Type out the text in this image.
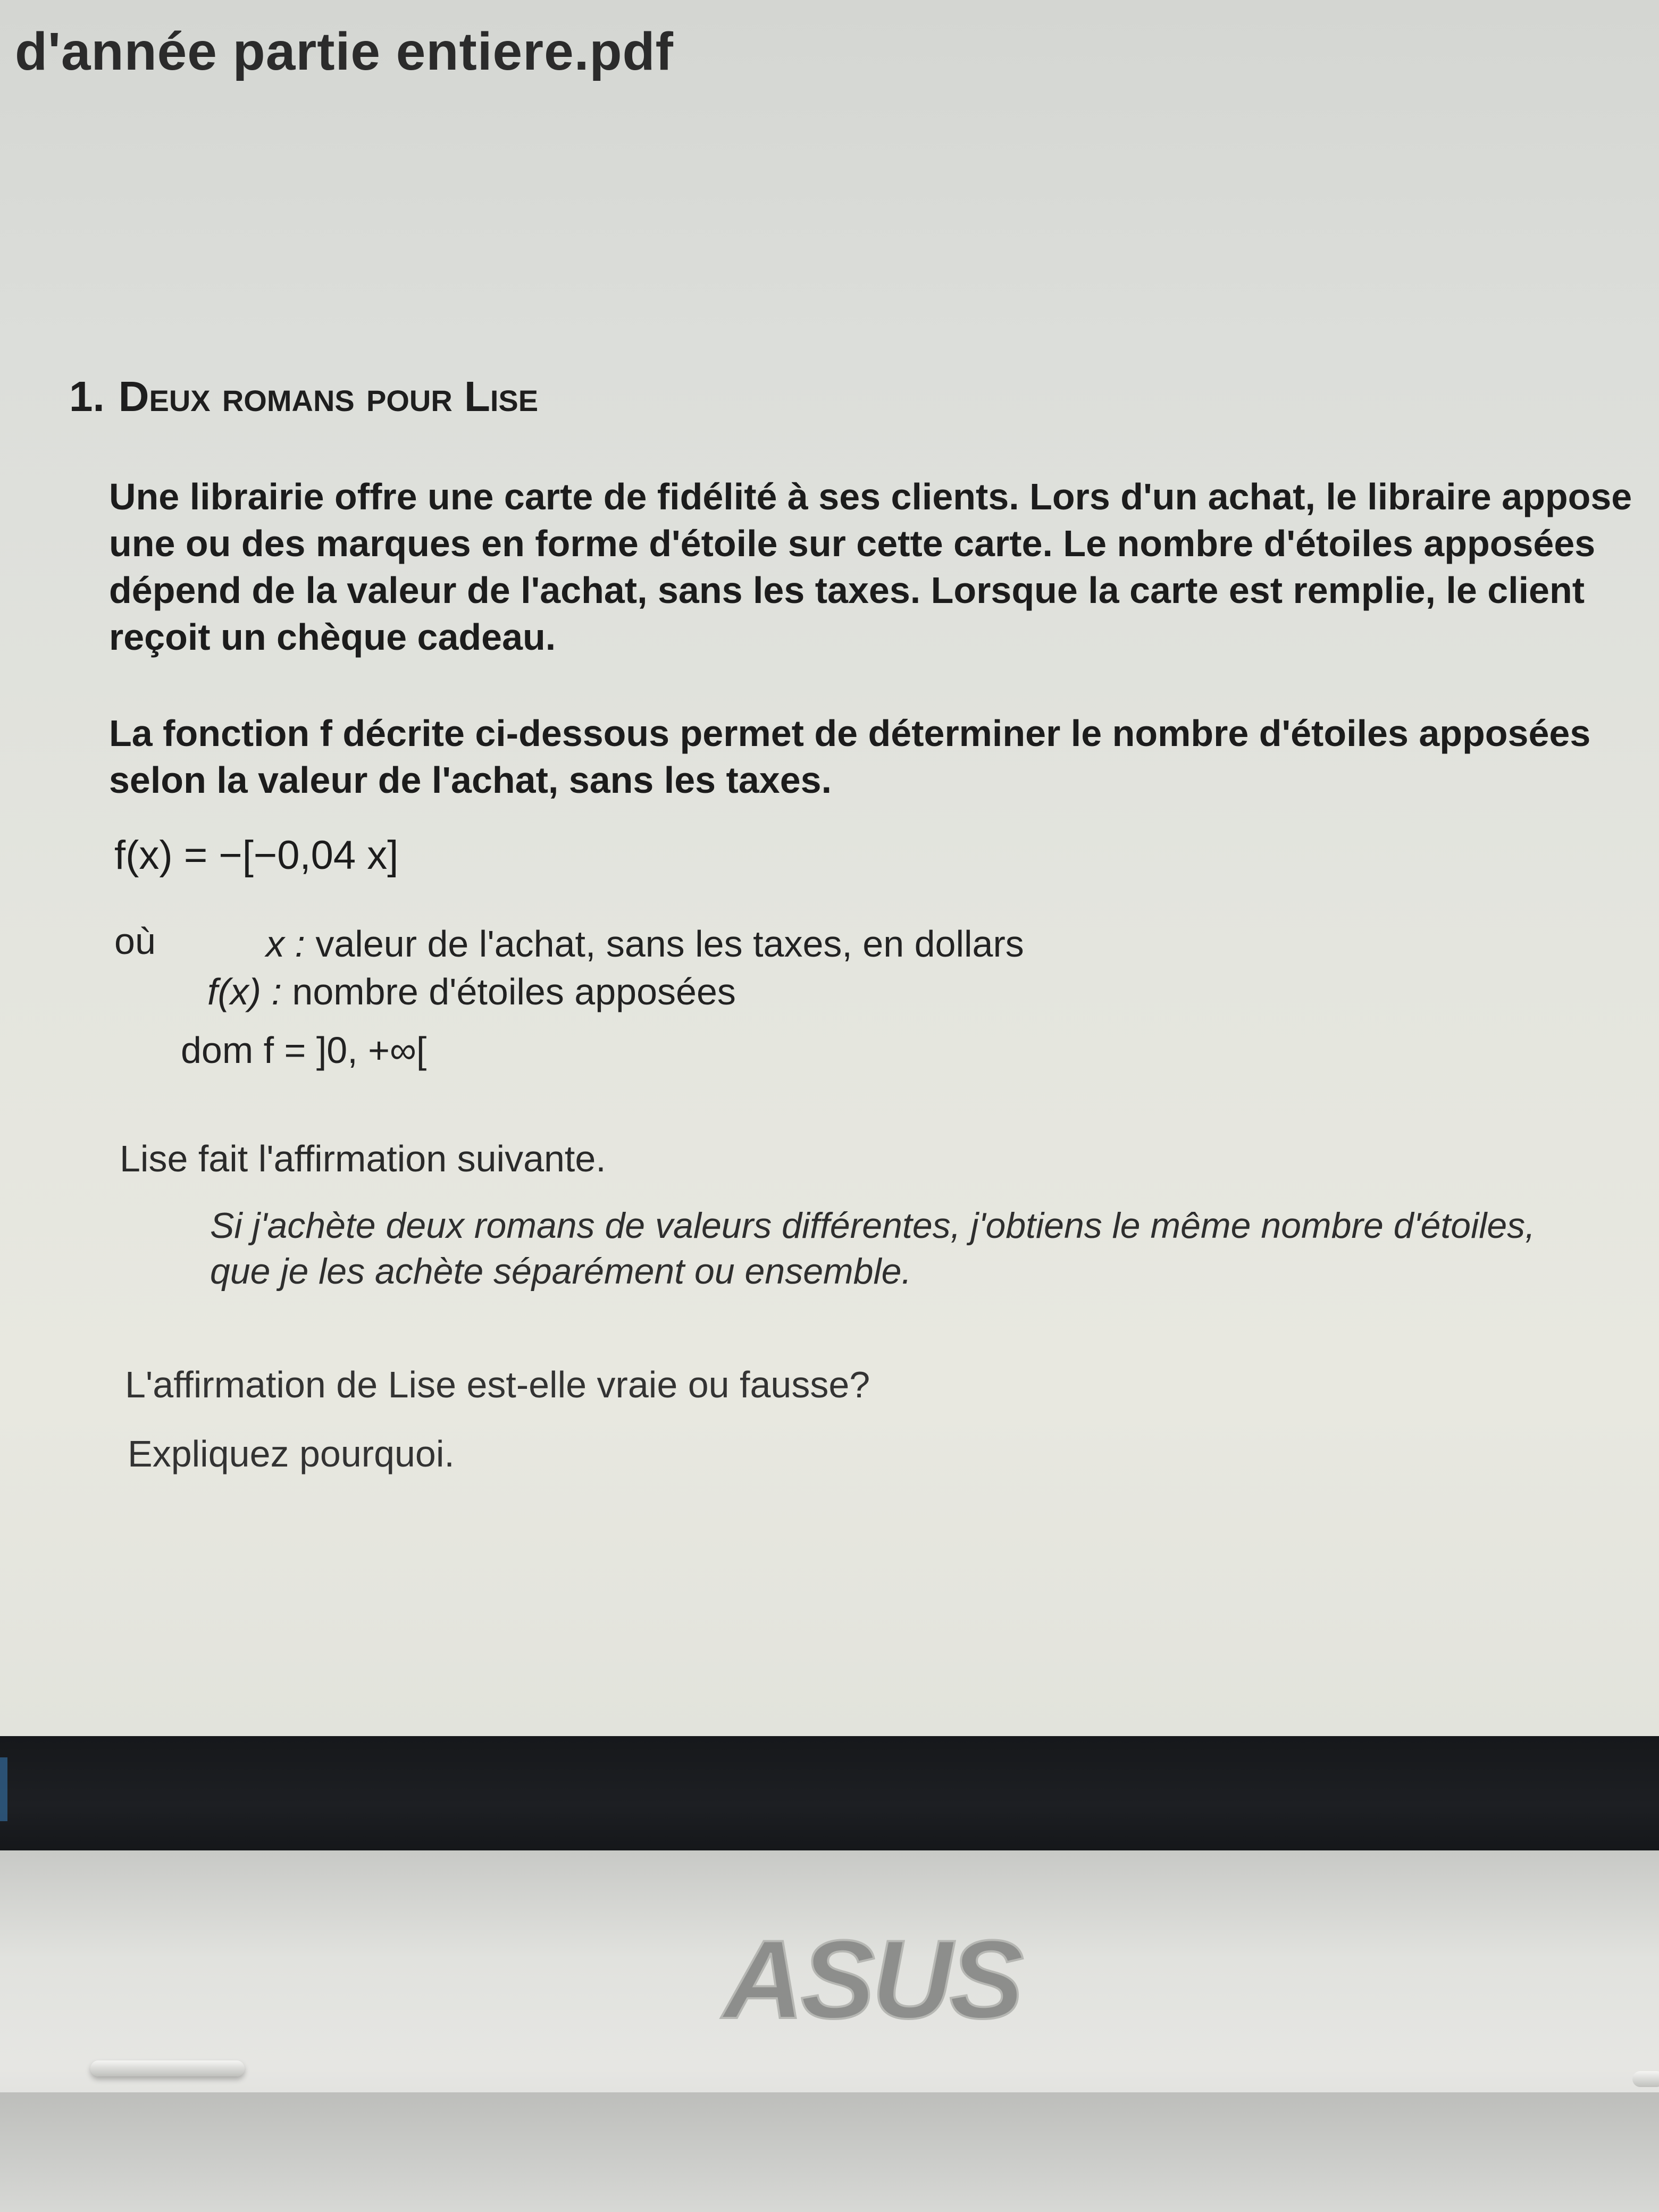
d'année partie entiere.pdf
1. Deux romans pour Lise
Une librairie offre une carte de fidélité à ses clients. Lors d'un achat, le libraire appose une ou des marques en forme d'étoile sur cette carte. Le nombre d'étoiles apposées dépend de la valeur de l'achat, sans les taxes. Lorsque la carte est remplie, le client reçoit un chèque cadeau.
La fonction f décrite ci-dessous permet de déterminer le nombre d'étoiles apposées selon la valeur de l'achat, sans les taxes.
f(x) = −[−0,04 x]
où	x : valeur de l'achat, sans les taxes, en dollars
f(x) : nombre d'étoiles apposées
dom f = ]0, +∞[
Lise fait l'affirmation suivante.
Si j'achète deux romans de valeurs différentes, j'obtiens le même nombre d'étoiles, que je les achète séparément ou ensemble.
L'affirmation de Lise est-elle vraie ou fausse?
Expliquez pourquoi.
ASUS
